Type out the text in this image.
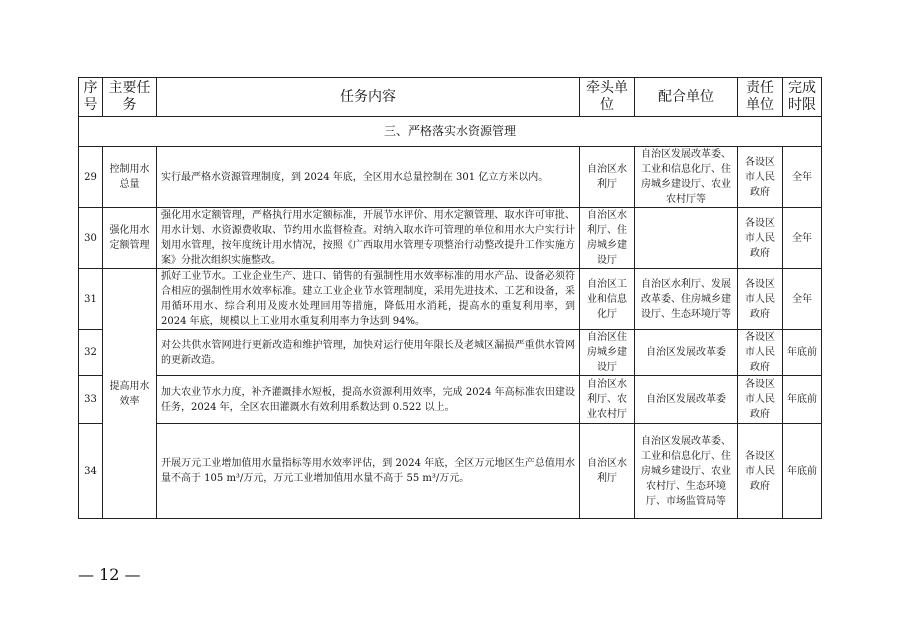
序号	主要任务	任务内容	牵头单位	配合单位	责任单位	完成时限
三、严格落实水资源管理						
29	控制用水总量	实行最严格水资源管理制度，到 2024 年底，全区用水总量控制在 301 亿立方米以内。	自治区水利厅	自治区发展改革委、工业和信息化厅、住房城乡建设厅、农业农村厅等	各设区市人民政府	全年
30	强化用水定额管理	强化用水定额管理，严格执行用水定额标准，开展节水评价、用水定额管理、取水许可审批、用水计划、水资源费收取、节约用水监督检查。对纳入取水许可管理的单位和用水大户实行计划用水管理，按年度统计用水情况，按照《广西取用水管理专项整治行动整改提升工作实施方案》分批次组织实施整改。	自治区水利厅、住房城乡建设厅		各设区市人民政府	全年
31	提高用水效率	抓好工业节水。工业企业生产、进口、销售的有强制性用水效率标准的用水产品、设备必须符合相应的强制性用水效率标准。建立工业企业节水管理制度，采用先进技术、工艺和设备，采用循环用水、综合利用及废水处理回用等措施，降低用水消耗，提高水的重复利用率，到 2024 年底，规模以上工业用水重复利用率力争达到 94%。	自治区工业和信息化厅	自治区水利厅、发展改革委、住房城乡建设厅、生态环境厅等	各设区市人民政府	全年
32		对公共供水管网进行更新改造和维护管理，加快对运行使用年限长及老城区漏损严重供水管网的更新改造。	自治区住房城乡建设厅	自治区发展改革委	各设区市人民政府	年底前
33		加大农业节水力度，补齐灌溉排水短板，提高水资源利用效率，完成 2024 年高标准农田建设任务，2024 年，全区农田灌溉水有效利用系数达到 0.522 以上。	自治区水利厅、农业农村厅	自治区发展改革委	各设区市人民政府	年底前
34		开展万元工业增加值用水量指标等用水效率评估，到 2024 年底，全区万元地区生产总值用水量不高于 105 m³/万元，万元工业增加值用水量不高于 55 m³/万元。	自治区水利厅	自治区发展改革委、工业和信息化厅、住房城乡建设厅、农业农村厅、生态环境厅、市场监管局等	各设区市人民政府	年底前
— 12 —
